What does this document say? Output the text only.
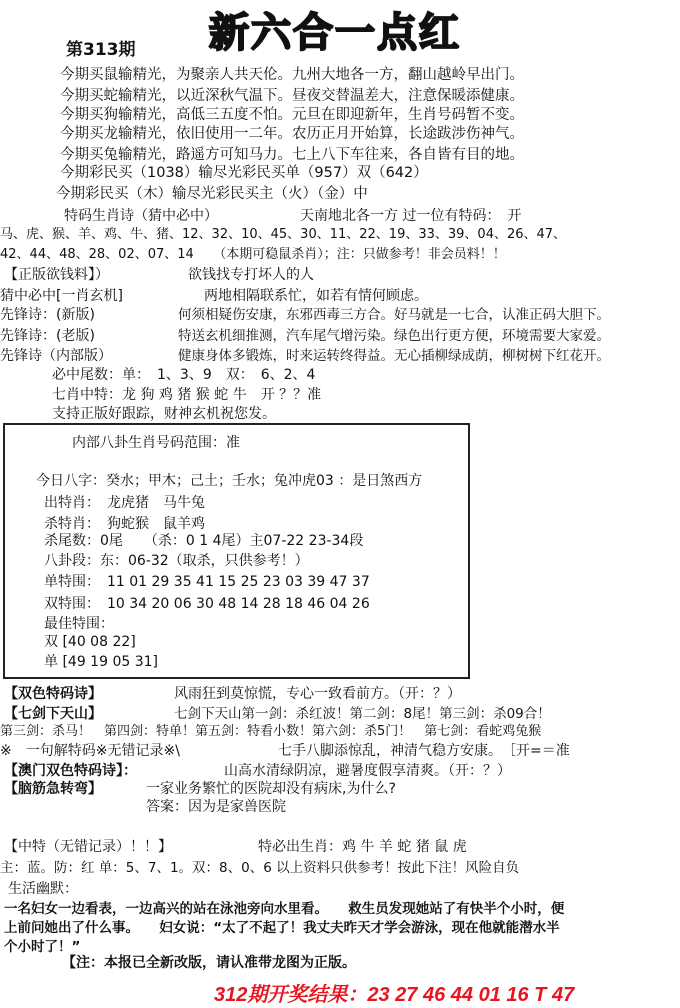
新六合一点红
第313期
今期买鼠输精光，为聚亲人共天伦。九州大地各一方，翻山越岭早出门。
今期买蛇输精光，以近深秋气温下。昼夜交替温差大，注意保暖添健康。
今期买狗输精光，高低三五度不怕。元旦在即迎新年，生肖号码暂不变。
今期买龙输精光，依旧使用一二年。农历正月开始算，长途跋涉伤神气。
今期买兔输精光，路遥方可知马力。七上八下车往来，各自皆有目的地。
今期彩民买（1038）输尽光彩民买单（957）双（642）
今期彩民买（木）输尽光彩民买主（火）（金）中
特码生肖诗（猜中必中）	天南地北各一方 过一位有特码：　开
马、虎、猴、羊、鸡、牛、猪、12、32、10、45、30、11、22、19、33、39、04、26、47、
42、44、48、28、02、07、14　　（本期可稳鼠杀肖）；注：只做参考！非会员料！！
【正版欲钱料】）	欲钱找专打坏人的人
猜中必中[一肖玄机]	两地相隔联系忙，如若有情何顾虑。
先锋诗：(新版)	何须相疑伤安康，东邪西毒三方合。好马就是一七合，认准正码大胆下。
先锋诗：(老版)	特送玄机细推测，汽车尾气增污染。绿色出行更方便，环境需要大家爱。
先锋诗（内部版）	健康身体多锻炼，时来运转终得益。无心插柳绿成荫，柳树树下红花开。
必中尾数：单：　1、3、9　双：　6、2、4
七肖中特：龙 狗 鸡 猪 猴 蛇 牛　开 ？？准
支持正版好跟踪，财神玄机祝您发。
内部八卦生肖号码范围：准
今日八字：癸水；甲木；己土；壬水；兔冲虎03 ：是日煞西方
出特肖：　龙虎猪　马牛兔
杀特肖：　狗蛇猴　鼠羊鸡
杀尾数：0尾　　（杀：0 1 4尾）主07-22 23-34段
八卦段：东：06-32（取杀，只供参考！）
单特围：　11 01 29 35 41 15 25 23 03 39 47 37
双特围：　10 34 20 06 30 48 14 28 18 46 04 26
最佳特围：
双 [40 08 22]
单 [49 19 05 31]
【双色特码诗】	风雨狂到莫惊慌，专心一致看前方。（开：？）
【七剑下天山】	七剑下天山第一剑：杀红波！第二剑：8尾！第三剑：杀09合！
第三剑：杀马！　第四剑：特单！第五剑：特看小数！第六剑：杀5门！　第七剑：看蛇鸡兔猴
※　一句解特码※无错记录※\	七手八脚添惊乱，神清气稳方安康。　［开=＝准
【澳门双色特码诗】：	山高水清绿阴凉，避暑度假享清爽。（开：？）
【脑筋急转弯】	一家业务繁忙的医院却没有病床,为什么?
答案：因为是家兽医院
【中特（无错记录）！！】	特必出生肖：鸡 牛 羊 蛇 猪 鼠 虎
主：蓝。防：红 单：5、7、1。双：8、0、6 以上资料只供参考！按此下注！风险自负
生活幽默：
一名妇女一边看表，一边高兴的站在泳池旁向水里看。　　救生员发现她站了有快半个小时，便
上前问她出了什么事。　　妇女说：“太了不起了！我丈夫昨天才学会游泳，现在他就能潜水半
个小时了！”
【注：本报已全新改版，请认准带龙图为正版。
312期开奖结果：23 27 46 44 01 16 T 47
